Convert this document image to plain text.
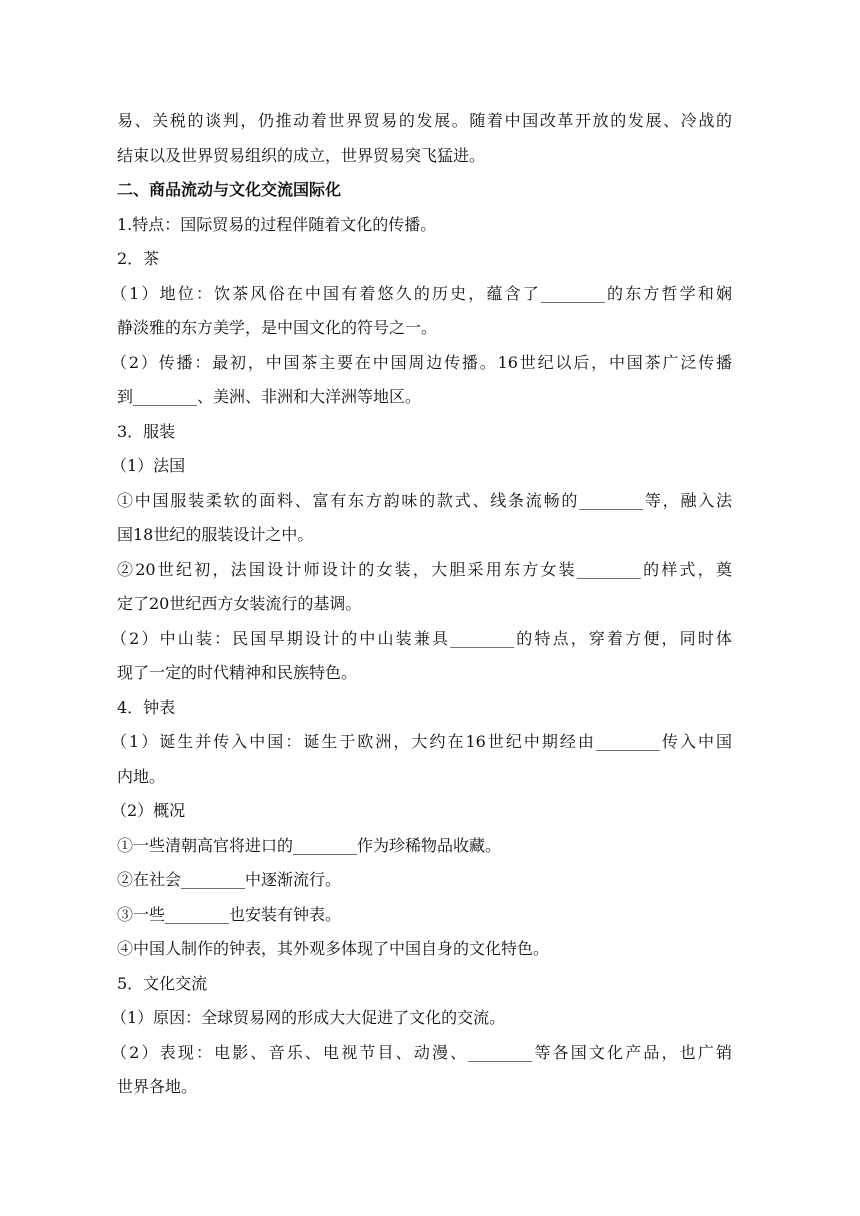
易、关税的谈判，仍推动着世界贸易的发展。随着中国改革开放的发展、冷战的
结束以及世界贸易组织的成立，世界贸易突飞猛进。
二、商品流动与文化交流国际化
1.特点：国际贸易的过程伴随着文化的传播。
2．茶
（1）地位：饮茶风俗在中国有着悠久的历史，蕴含了________的东方哲学和娴
静淡雅的东方美学，是中国文化的符号之一。
（2）传播：最初，中国茶主要在中国周边传播。16世纪以后，中国茶广泛传播
到________、美洲、非洲和大洋洲等地区。
3．服装
（1）法国
①中国服装柔软的面料、富有东方韵味的款式、线条流畅的________等，融入法
国18世纪的服装设计之中。
②20世纪初，法国设计师设计的女装，大胆采用东方女装________的样式，奠
定了20世纪西方女装流行的基调。
（2）中山装：民国早期设计的中山装兼具________的特点，穿着方便，同时体
现了一定的时代精神和民族特色。
4．钟表
（1）诞生并传入中国：诞生于欧洲，大约在16世纪中期经由________传入中国
内地。
（2）概况
①一些清朝高官将进口的________作为珍稀物品收藏。
②在社会________中逐渐流行。
③一些________也安装有钟表。
④中国人制作的钟表，其外观多体现了中国自身的文化特色。
5．文化交流
（1）原因：全球贸易网的形成大大促进了文化的交流。
（2）表现：电影、音乐、电视节目、动漫、________等各国文化产品，也广销
世界各地。
